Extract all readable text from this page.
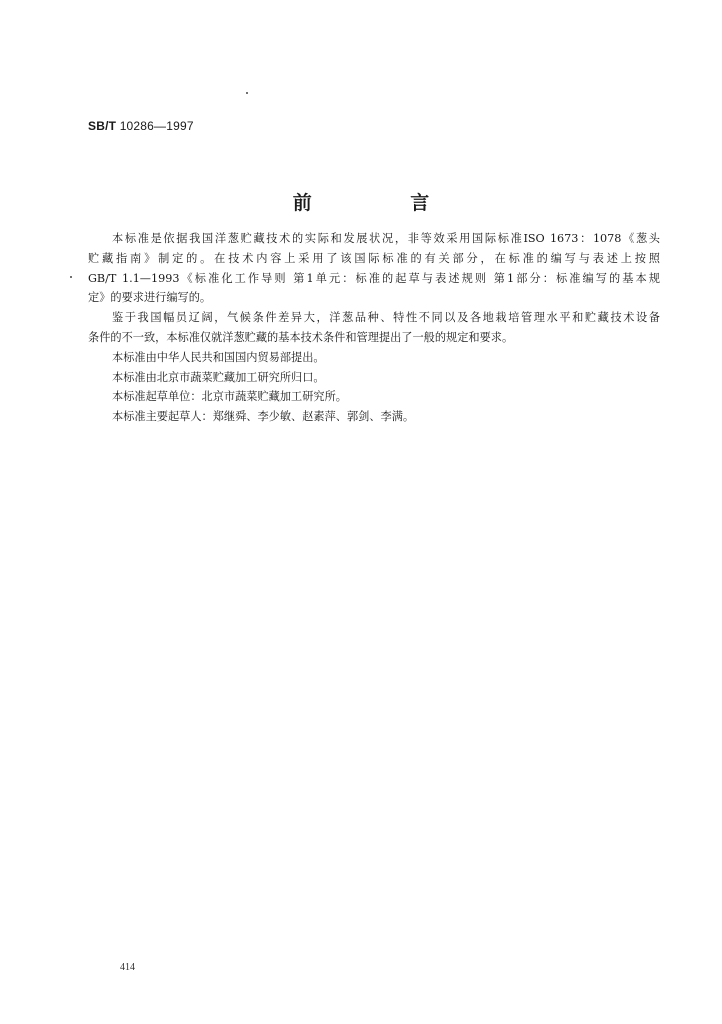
SB/T 10286—1997
前 言

本标准是依据我国洋葱贮藏技术的实际和发展状况，非等效采用国际标准ISO 1673：1078《葱头

贮藏指南》制定的。在技术内容上采用了该国际标准的有关部分，在标准的编写与表述上按照

GB/T 1.1—1993《标准化工作导则 第1单元：标准的起草与表述规则 第1部分：标准编写的基本规

定》的要求进行编写的。

鉴于我国幅员辽阔，气候条件差异大，洋葱品种、特性不同以及各地栽培管理水平和贮藏技术设备

条件的不一致，本标准仅就洋葱贮藏的基本技术条件和管理提出了一般的规定和要求。

本标准由中华人民共和国国内贸易部提出。

本标准由北京市蔬菜贮藏加工研究所归口。

本标准起草单位：北京市蔬菜贮藏加工研究所。

本标准主要起草人：郑继舜、李少敏、赵素萍、郭剑、李满。

414
